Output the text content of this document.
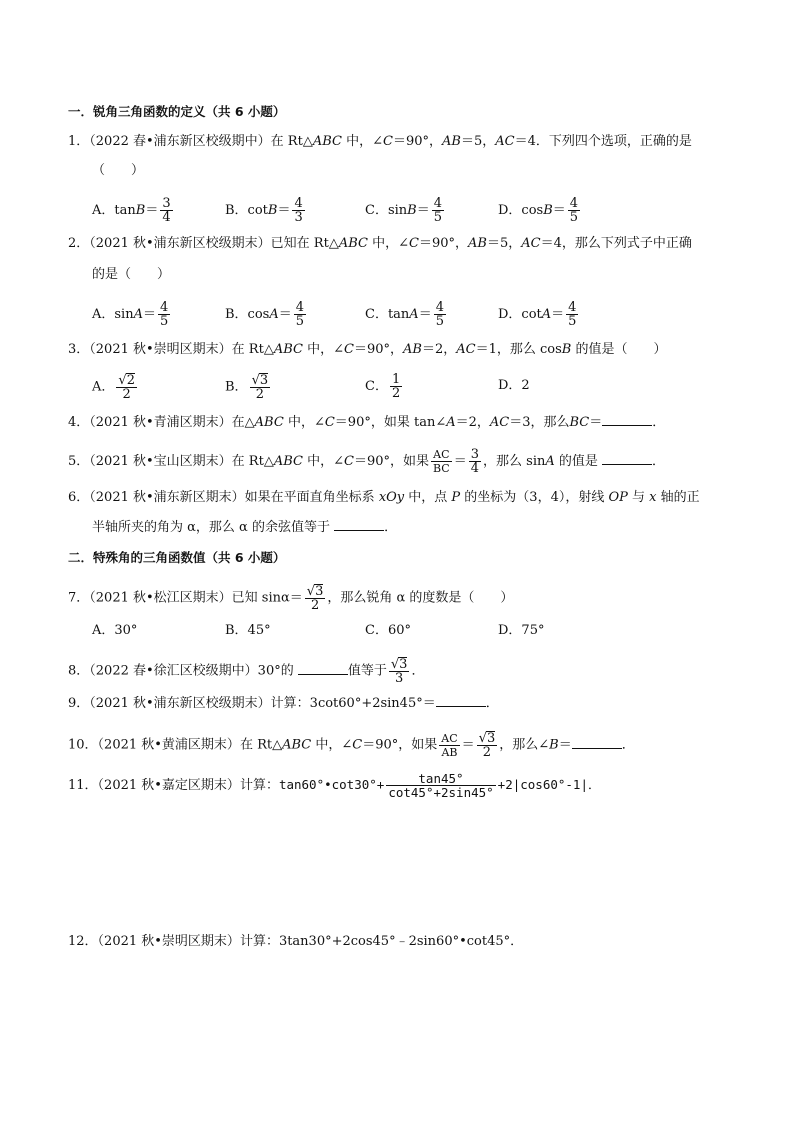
一．锐角三角函数的定义（共 6 小题）
1．（2022 春•浦东新区校级期中）在 Rt△ABC 中，∠C＝90°，AB＝5，AC＝4．下列四个选项，正确的是
（　　）
A．$\tan B= \frac{3}{4}$	B．$\cot B= \frac{4}{3}$	C．$\sin B= \frac{4}{5}$	D．$\cos B= \frac{4}{5}$
2．（2021 秋•浦东新区校级期末）已知在 Rt△ABC 中，∠C＝90°，AB＝5，AC＝4，那么下列式子中正确
的是（　　）
A．$\sin A= \frac{4}{5}$	B．$\cos A= \frac{4}{5}$	C．$\tan A= \frac{4}{5}$	D．$\cot A= \frac{4}{5}$
3．（2021 秋•崇明区期末）在 Rt△ABC 中，∠C＝90°，AB＝2，AC＝1，那么 cosB 的值是（　　）
A． $\frac{√2}{2}$	B． $\frac{√3}{2}$	C． $\frac{1}{2}$	D．2
4．（2021 秋•青浦区期末）在△ABC 中，∠C＝90°，如果 tan∠A＝2，AC＝3，那么BC＝	．
5．（2021 秋•宝山区期末）在 Rt△ABC 中，∠C＝90°，如果 $\frac{AC}{BC} = \frac{3}{4}$ ，那么 sinA 的值是	．
6．（2021 秋•浦东新区期末）如果在平面直角坐标系 xOy 中，点 P 的坐标为（3，4），射线 OP 与 x 轴的正
半轴所夹的角为 α，那么 α 的余弦值等于	．
二．特殊角的三角函数值（共 6 小题）
7．（2021 秋•松江区期末）已知 $\sin\alpha= \frac{√3}{2}$ ，那么锐角 α 的度数是（　　）
A．30°	B．45°	C．60°	D．75°
8．（2022 春•徐汇区校级期中）30°的	值等于 $\frac{√3}{3}$ ．
9．（2021 秋•浦东新区校级期末）计算：3cot60°+2sin45°＝	．
10．（2021 秋•黄浦区期末）在 Rt△ABC 中，∠C＝90°，如果 $\frac{AC}{AB} = \frac{√3}{2}$ ，那么∠B＝	．
11．（2021 秋•嘉定区期末）计算：tan60°•cot30°+ $\frac{\tan 45^\circ}{\cot 45^\circ+2\sin 45^\circ} +2|\cos 60^\circ-1|$．
12．（2021 秋•崇明区期末）计算：3tan30°+2cos45°﹣2sin60°•cot45°．
